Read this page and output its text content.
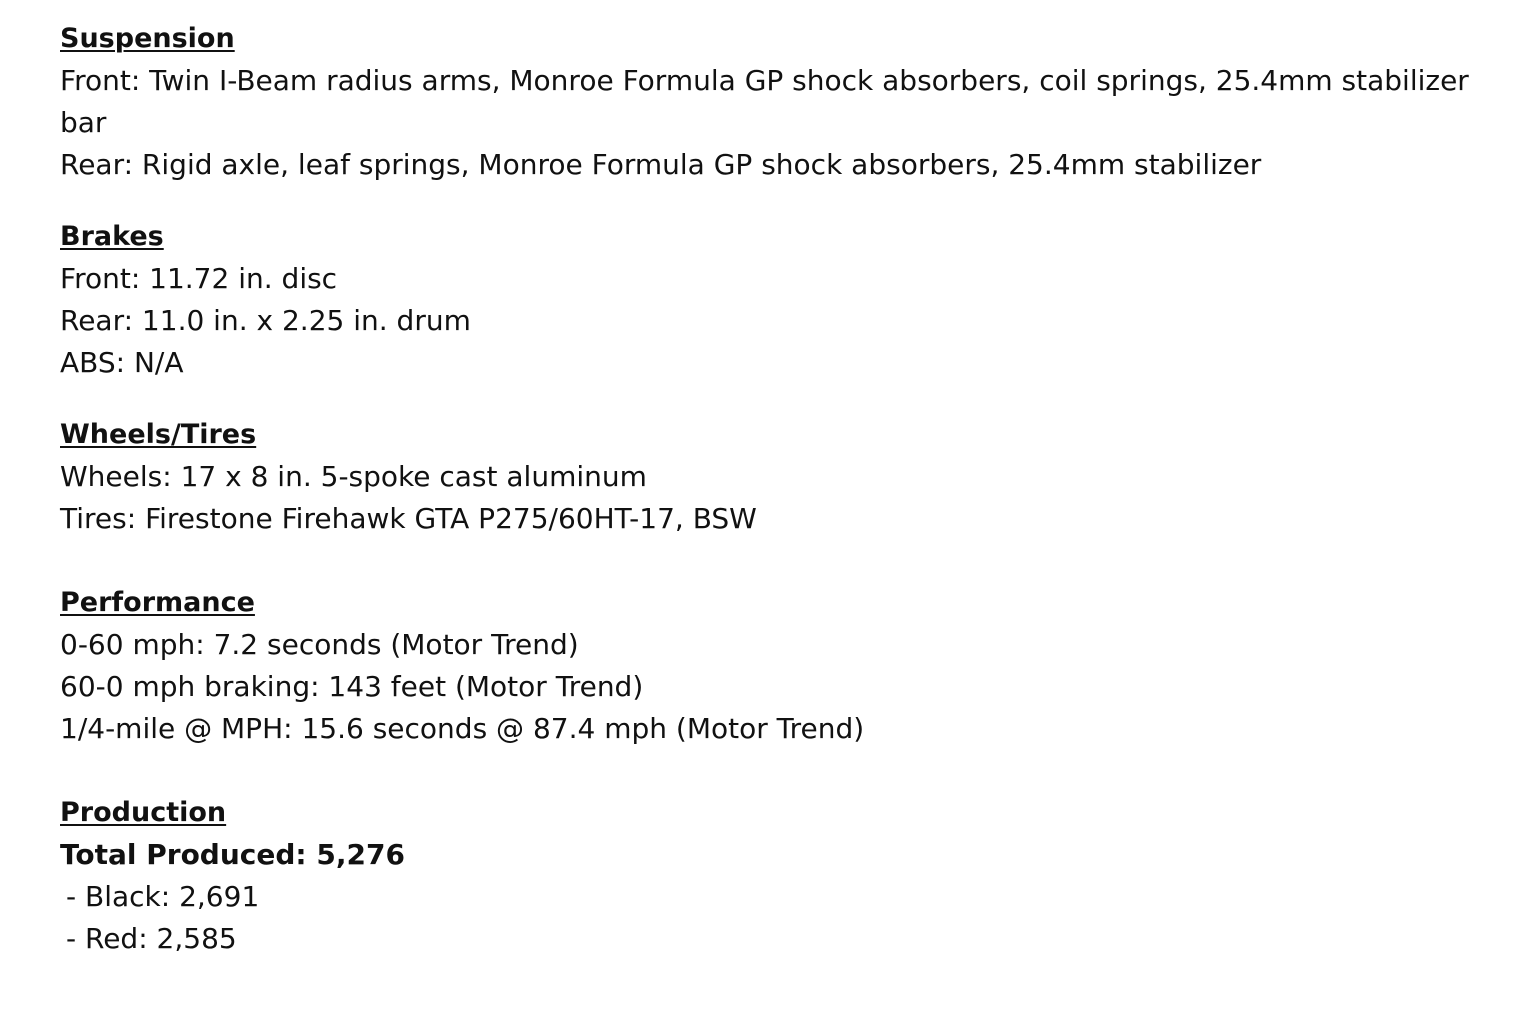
Suspension
Front: Twin I-Beam radius arms, Monroe Formula GP shock absorbers, coil springs, 25.4mm stabilizer bar
Rear: Rigid axle, leaf springs, Monroe Formula GP shock absorbers, 25.4mm stabilizer
Brakes
Front: 11.72 in. disc
Rear: 11.0 in. x 2.25 in. drum
ABS: N/A
Wheels/Tires
Wheels: 17 x 8 in. 5-spoke cast aluminum
Tires: Firestone Firehawk GTA P275/60HT-17, BSW
Performance
0-60 mph: 7.2 seconds (Motor Trend)
60-0 mph braking: 143 feet (Motor Trend)
1/4-mile @ MPH: 15.6 seconds @ 87.4 mph (Motor Trend)
Production
Total Produced: 5,276
- Black: 2,691
- Red: 2,585
